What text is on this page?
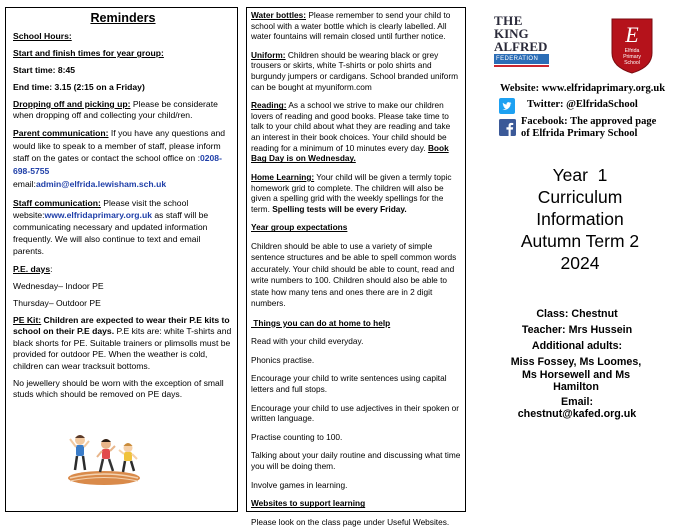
Reminders

School Hours:

Start and finish times for year group:

Start time: 8:45

End time: 3.15 (2:15 on a Friday)

Dropping off and picking up: Please be considerate when dropping off and collecting your child/ren.

Parent communication: If you have any questions and would like to speak to a member of staff, please inform staff on the gates or contact the school office on :0208-698-5755
email:admin@elfrida.lewisham.sch.uk

Staff communication: Please visit the school website:www.elfridaprimary.org.uk as staff will be communicating necessary and updated information frequently. We will also continue to text and email parents.

P.E. days:

Wednesday– Indoor PE

Thursday– Outdoor PE

PE Kit: Children are expected to wear their P.E kits to school on their P.E days. P.E kits are: white T-shirts and black shorts for PE. Suitable trainers or plimsolls must be provided for outdoor PE. When the weather is cold, children can wear tracksuit bottoms.

No jewellery should be worn with the exception of small studs which should be removed on PE days.

Water bottles: Please remember to send your child to school with a water bottle which is clearly labelled. All water fountains will remain closed until further notice.

Uniform: Children should be wearing black or grey trousers or skirts, white T-shirts or polo shirts and burgundy jumpers or cardigans. School branded uniform can be bought at myuniform.com

Reading: As a school we strive to make our children lovers of reading and good books. Please take time to talk to your child about what they are reading and take an interest in their book choices. Your child should be reading for a minimum of 10 minutes every day. Book Bag Day is on Wednesday.

Home Learning: Your child will be given a termly topic homework grid to complete. The children will also be given a spelling grid with the weekly spellings for the term. Spelling tests will be every Friday.

Year group expectations

Children should be able to use a variety of simple sentence structures and be able to spell common words accurately. Your child should be able to count, read and write numbers to 100. Children should also be able to state how many tens and ones there are in 2 digit numbers.

Things you can do at home to help

Read with your child everyday.

Phonics practise.

Encourage your child to write sentences using capital letters and full stops.

Encourage your child to use adjectives in their spoken or written language.

Practise counting to 100.

Talking about your daily routine and discussing what time you will be doing them.

Involve games in learning.

Websites to support learning

Please look on the class page under Useful Websites.

THE
KING
ALFRED
FEDERATION
E
Elfrida
Primary
School
Website: www.elfridaprimary.org.uk
Twitter: @ElfridaSchool
Facebook: The approved page
of Elfrida Primary School
Year  1
Curriculum
Information
Autumn Term 2
2024
Class: Chestnut
Teacher: Mrs Hussein
Additional adults:
Miss Fossey, Ms Loomes, Ms Horsewell and Ms Hamilton
Email:
chestnut@kafed.org.uk
